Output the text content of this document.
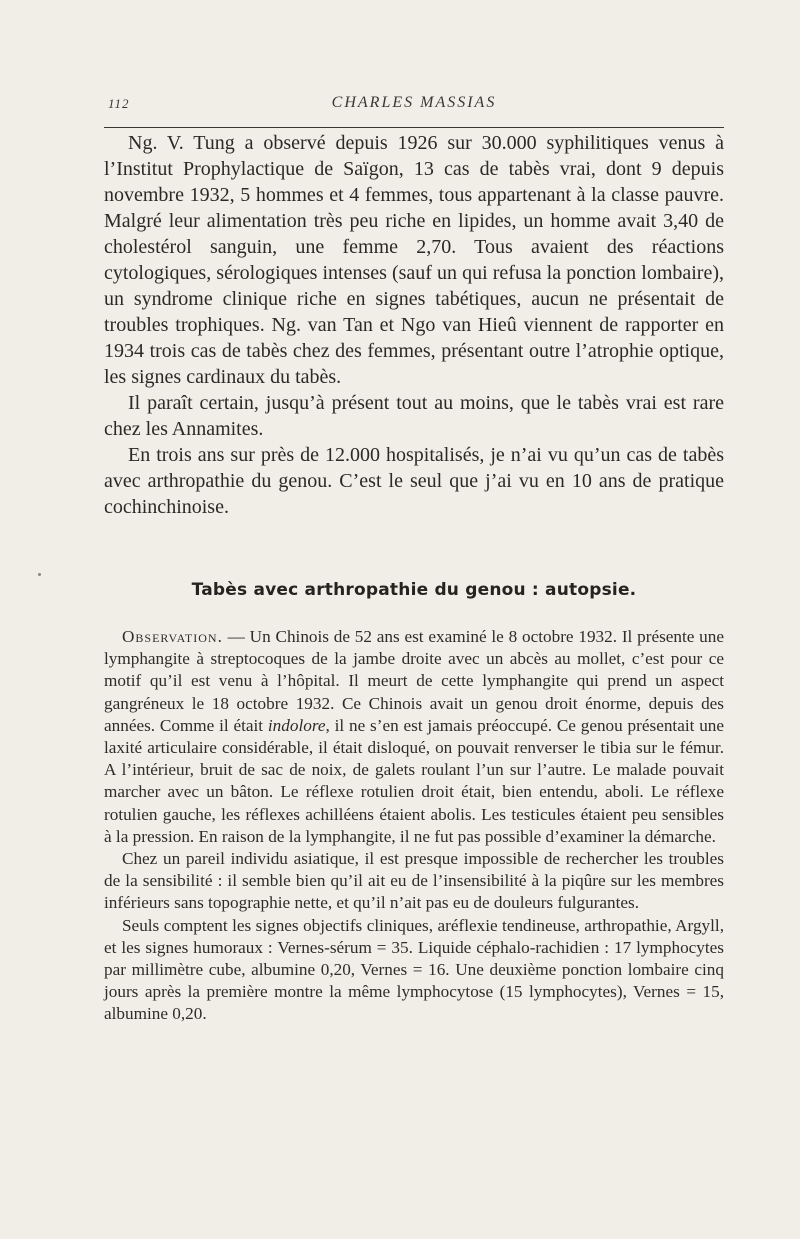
112	CHARLES MASSIAS

Ng. V. Tung a observé depuis 1926 sur 30.000 syphilitiques venus à l’Institut Prophylactique de Saïgon, 13 cas de tabès vrai, dont 9 depuis novembre 1932, 5 hommes et 4 femmes, tous appartenant à la classe pauvre. Malgré leur alimentation très peu riche en lipides, un homme avait 3,40 de cholestérol sanguin, une femme 2,70. Tous avaient des réactions cytologiques, sérologiques intenses (sauf un qui refusa la ponction lombaire), un syndrome clinique riche en signes tabétiques, aucun ne présentait de troubles trophiques. Ng. van Tan et Ngo van Hieû viennent de rapporter en 1934 trois cas de tabès chez des femmes, présentant outre l’atrophie optique, les signes cardinaux du tabès.

Il paraît certain, jusqu’à présent tout au moins, que le tabès vrai est rare chez les Annamites.

En trois ans sur près de 12.000 hospitalisés, je n’ai vu qu’un cas de tabès avec arthropathie du genou. C’est le seul que j’ai vu en 10 ans de pratique cochinchinoise.

Tabès avec arthropathie du genou : autopsie.

Observation. — Un Chinois de 52 ans est examiné le 8 octobre 1932. Il présente une lymphangite à streptocoques de la jambe droite avec un abcès au mollet, c’est pour ce motif qu’il est venu à l’hôpital. Il meurt de cette lymphangite qui prend un aspect gangréneux le 18 octobre 1932. Ce Chinois avait un genou droit énorme, depuis des années. Comme il était indolore, il ne s’en est jamais préoccupé. Ce genou présentait une laxité articulaire considérable, il était disloqué, on pouvait renverser le tibia sur le fémur. A l’intérieur, bruit de sac de noix, de galets roulant l’un sur l’autre. Le malade pouvait marcher avec un bâton. Le réflexe rotulien droit était, bien entendu, aboli. Le réflexe rotulien gauche, les réflexes achilléens étaient abolis. Les testicules étaient peu sensibles à la pression. En raison de la lymphangite, il ne fut pas possible d’examiner la démarche.

Chez un pareil individu asiatique, il est presque impossible de rechercher les troubles de la sensibilité : il semble bien qu’il ait eu de l’insensibilité à la piqûre sur les membres inférieurs sans topographie nette, et qu’il n’ait pas eu de douleurs fulgurantes.

Seuls comptent les signes objectifs cliniques, aréflexie tendineuse, arthropathie, Argyll, et les signes humoraux : Vernes-sérum = 35. Liquide céphalo-rachidien : 17 lymphocytes par millimètre cube, albumine 0,20, Vernes = 16. Une deuxième ponction lombaire cinq jours après la première montre la même lymphocytose (15 lymphocytes), Vernes = 15, albumine 0,20.
